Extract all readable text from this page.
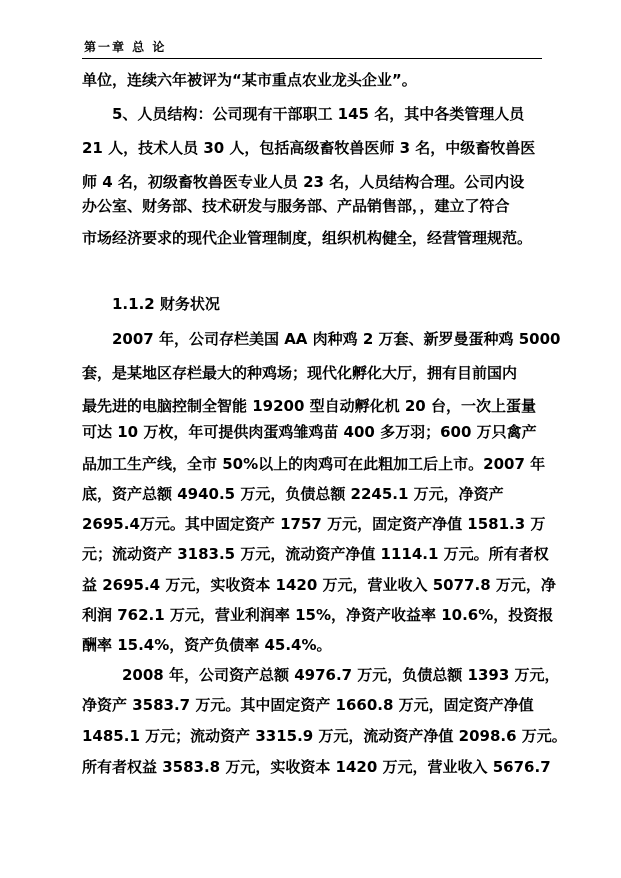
第一章 总 论
单位，连续六年被评为“某市重点农业龙头企业”。
5、人员结构：公司现有干部职工 145 名，其中各类管理人员
21 人，技术人员 30 人，包括高级畜牧兽医师 3 名，中级畜牧兽医
师 4 名，初级畜牧兽医专业人员 23 名，人员结构合理。公司内设
办公室、财务部、技术研发与服务部、产品销售部，，建立了符合
市场经济要求的现代企业管理制度，组织机构健全，经营管理规范。
1.1.2 财务状况
2007 年，公司存栏美国 AA 肉种鸡 2 万套、新罗曼蛋种鸡 5000
套，是某地区存栏最大的种鸡场；现代化孵化大厅，拥有目前国内
最先进的电脑控制全智能 19200 型自动孵化机 20 台，一次上蛋量
可达 10 万枚，年可提供肉蛋鸡雏鸡苗 400 多万羽；600 万只禽产
品加工生产线，全市 50%以上的肉鸡可在此粗加工后上市。2007 年
底，资产总额 4940.5 万元，负债总额 2245.1 万元，净资产
2695.4万元。其中固定资产 1757 万元，固定资产净值 1581.3 万
元；流动资产 3183.5 万元，流动资产净值 1114.1 万元。所有者权
益 2695.4 万元，实收资本 1420 万元，营业收入 5077.8 万元，净
利润 762.1 万元，营业利润率 15%，净资产收益率 10.6%，投资报
酬率 15.4%，资产负债率 45.4%。
2008 年，公司资产总额 4976.7 万元，负债总额 1393 万元，
净资产 3583.7 万元。其中固定资产 1660.8 万元，固定资产净值
1485.1 万元；流动资产 3315.9 万元，流动资产净值 2098.6 万元。
所有者权益 3583.8 万元，实收资本 1420 万元，营业收入 5676.7
